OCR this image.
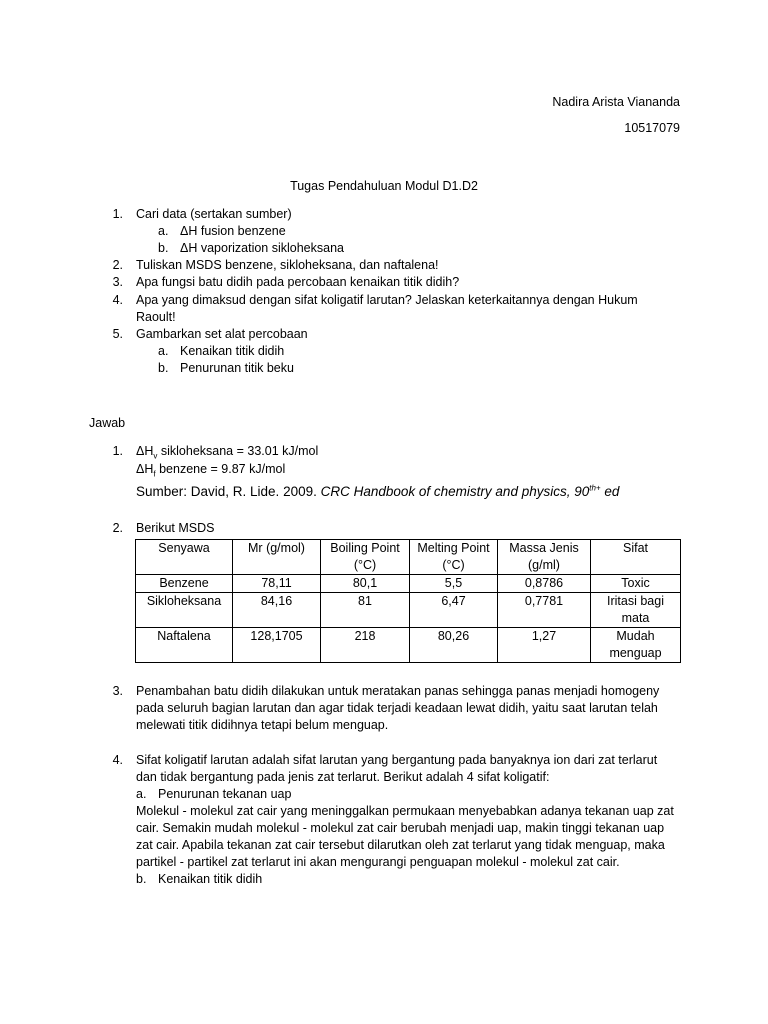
Nadira Arista Viananda
10517079
Tugas Pendahuluan Modul D1.D2
1. Cari data (sertakan sumber)
a. ΔH fusion benzene
b. ΔH vaporization sikloheksana
2. Tuliskan MSDS benzene, sikloheksana, dan naftalena!
3. Apa fungsi batu didih pada percobaan kenaikan titik didih?
4. Apa yang dimaksud dengan sifat koligatif larutan? Jelaskan keterkaitannya dengan Hukum Raoult!
5. Gambarkan set alat percobaan
a. Kenaikan titik didih
b. Penurunan titik beku
Jawab
1. $\Delta H_v$ sikloheksana = 33.01 kJ/mol
$\Delta H_f$ benzene = 9.87 kJ/mol
Sumber: David, R. Lide. 2009. CRC Handbook of chemistry and physics, $90^{th+}$ ed
2. Berikut MSDS
Senyawa	Mr (g/mol)	Boiling Point (°C)	Melting Point (°C)	Massa Jenis (g/ml)	Sifat
Benzene	78,11	80,1	5,5	0,8786	Toxic
Sikloheksana	84,16	81	6,47	0,7781	Iritasi bagi mata
Naftalena	128,1705	218	80,26	1,27	Mudah menguap
3. Penambahan batu didih dilakukan untuk meratakan panas sehingga panas menjadi homogeny
pada seluruh bagian larutan dan agar tidak terjadi keadaan lewat didih, yaitu saat larutan telah
melewati titik didihnya tetapi belum menguap.
4. Sifat koligatif larutan adalah sifat larutan yang bergantung pada banyaknya ion dari zat terlarut
dan tidak bergantung pada jenis zat terlarut. Berikut adalah 4 sifat koligatif:
a. Penurunan tekanan uap
Molekul - molekul zat cair yang meninggalkan permukaan menyebabkan adanya tekanan uap zat
cair. Semakin mudah molekul - molekul zat cair berubah menjadi uap, makin tinggi tekanan uap
zat cair. Apabila tekanan zat cair tersebut dilarutkan oleh zat terlarut yang tidak menguap, maka
partikel - partikel zat terlarut ini akan mengurangi penguapan molekul - molekul zat cair.
b. Kenaikan titik didih
